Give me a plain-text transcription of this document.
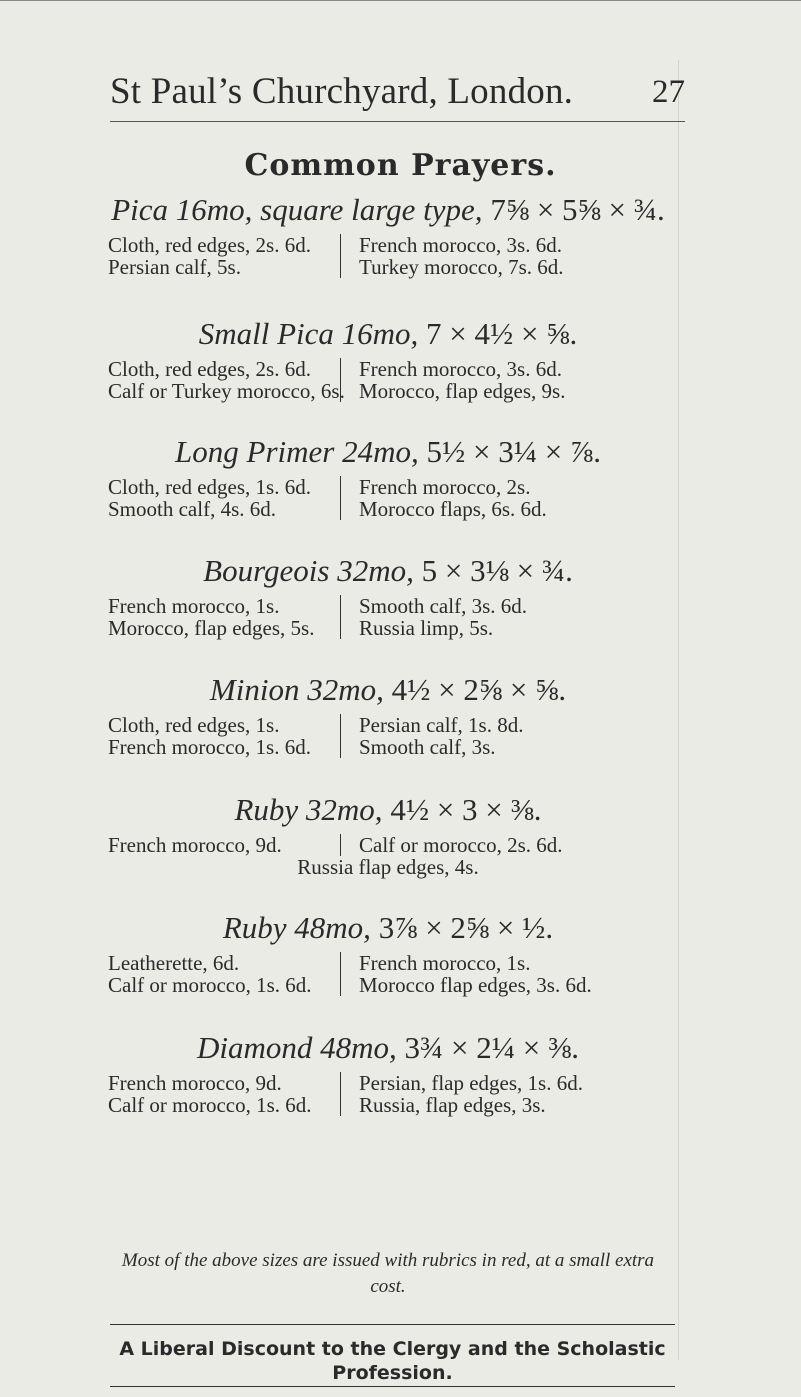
St Paul’s Churchyard, London. 27
Common Prayers.
Pica 16mo, square large type, 7⅝ × 5⅝ × ¾.
Cloth, red edges, 2s. 6d.
Persian calf, 5s.
French morocco, 3s. 6d.
Turkey morocco, 7s. 6d.
Small Pica 16mo, 7 × 4½ × ⅝.
Cloth, red edges, 2s. 6d.
Calf or Turkey morocco, 6s.
French morocco, 3s. 6d.
Morocco, flap edges, 9s.
Long Primer 24mo, 5½ × 3¼ × ⅞.
Cloth, red edges, 1s. 6d.
Smooth calf, 4s. 6d.
French morocco, 2s.
Morocco flaps, 6s. 6d.
Bourgeois 32mo, 5 × 3⅛ × ¾.
French morocco, 1s.
Morocco, flap edges, 5s.
Smooth calf, 3s. 6d.
Russia limp, 5s.
Minion 32mo, 4½ × 2⅝ × ⅝.
Cloth, red edges, 1s.
French morocco, 1s. 6d.
Persian calf, 1s. 8d.
Smooth calf, 3s.
Ruby 32mo, 4½ × 3 × ⅜.
French morocco, 9d.	Calf or morocco, 2s. 6d.
Russia flap edges, 4s.
Ruby 48mo, 3⅞ × 2⅝ × ½.
Leatherette, 6d.
Calf or morocco, 1s. 6d.
French morocco, 1s.
Morocco flap edges, 3s. 6d.
Diamond 48mo, 3¾ × 2¼ × ⅜.
French morocco, 9d.
Calf or morocco, 1s. 6d.
Persian, flap edges, 1s. 6d.
Russia, flap edges, 3s.
Most of the above sizes are issued with rubrics in red, at a small extra cost.
A Liberal Discount to the Clergy and the Scholastic Profession.
